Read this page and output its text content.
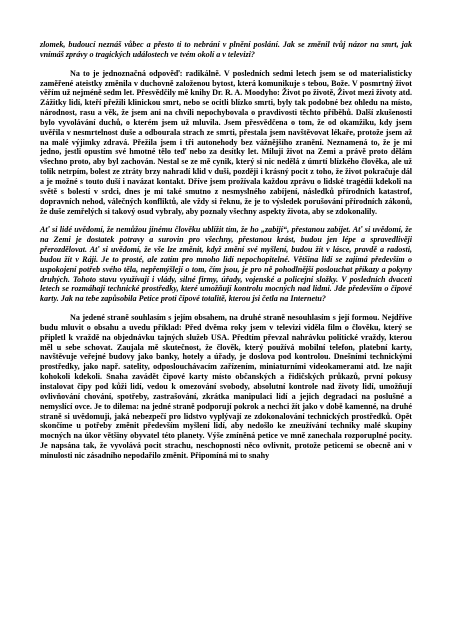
zlomek, budoucí neznáš vůbec a přesto ti to nebrání v plnění poslání. Jak se změnil tvůj názor na smrt, jak vnímáš zprávy o tragických událostech ve tvém okolí a v televizi?

Na to je jednoznačná odpověď: radikálně. V posledních sedmi letech jsem se od materialisticky zaměřené ateistky změnila v duchovně založenou bytost, která komunikuje s tebou, Bože. V posmrtný život věřím už nejméně sedm let. Přesvědčily mě knihy Dr. R. A. Moodyho: Život po životě, Život mezi životy atd. Zážitky lidí, kteří přežili klinickou smrt, nebo se ocitli blízko smrti, byly tak podobné bez ohledu na místo, národnost, rasu a věk, že jsem ani na chvíli nepochybovala o pravdivosti těchto příběhů. Další zkušenosti bylo vyvolávání duchů, o kterém jsem už mluvila. Jsem přesvědčena o tom, že od okamžiku, kdy jsem uvěřila v nesmrtelnost duše a odbourala strach ze smrti, přestala jsem navštěvovat lékaře, protože jsem až na malé výjimky zdravá. Přežila jsem i tři autonehody bez vážnějšího zranění. Neznamená to, že je mi jedno, jestli opustím své hmotné tělo teď nebo za desítky let. Miluji život na Zemi a právě proto dělám všechno proto, aby byl zachován. Nestal se ze mě cynik, který si nic nedělá z úmrtí blízkého člověka, ale už tolik netrpím, bolest ze ztráty brzy nahradí klid v duši, později i krásný pocit z toho, že život pokračuje dál a je možné s touto duší i navázat kontakt. Dříve jsem prožívala každou zprávu o lidské tragédii kdekoli na světě s bolestí v srdci, dnes je mi také smutno z nesmyslného zabíjení, následků přírodních katastrof, dopravních nehod, válečných konfliktů, ale vždy si řeknu, že je to výsledek porušování přírodních zákonů, že duše zemřelých si takový osud vybraly, aby poznaly všechny aspekty života, aby se zdokonalily.

Ať si lidé uvědomí, že nemůžou jinému člověku ublížit tím, že ho „zabijí“, přestanou zabíjet. Ať si uvědomí, že na Zemi je dostatek potravy a surovin pro všechny, přestanou krást, budou jen lépe a spravedlivěji přerozdělovat. Ať si uvědomí, že vše lze změnit, když změní své myšlení, budou žít v lásce, pravdě a radosti, budou žít v Ráji. Je to prosté, ale zatím pro mnoho lidí nepochopitelné. Většina lidí se zajímá především o uspokojení potřeb svého těla, nepřemýšlejí o tom, čím jsou, je pro ně pohodlnější poslouchat příkazy a pokyny druhých. Tohoto stavu využívají i vlády, silné firmy, úřady, vojenské a policejní složky. V posledních dvaceti letech se rozmáhají technické prostředky, které umožňují kontrolu mocných nad lidmi. Jde především o čipové karty. Jak na tebe zapůsobila Petice proti čipové totalitě, kterou jsi četla na Internetu?

Na jedené straně souhlasím s jejím obsahem, na druhé straně nesouhlasím s její formou. Nejdříve budu mluvit o obsahu a uvedu příklad: Před dvěma roky jsem v televizi viděla film o člověku, který se připletl k vraždě na objednávku tajných služeb USA. Předtím převzal nahrávku politické vraždy, kterou měl u sebe schovat. Zaujala mě skutečnost, že člověk, který používá mobilní telefon, platební karty, navštěvuje veřejné budovy jako banky, hotely a úřady, je doslova pod kontrolou. Dnešními technickými prostředky, jako např. satelity, odposlouchávacím zařízením, miniaturními videokamerami atd. lze najít kohokoli kdekoli. Snaha zavádět čipové karty místo občanských a řidičských průkazů, první pokusy instalovat čipy pod kůži lidí, vedou k omezování svobody, absolutní kontrole nad životy lidí, umožňují ovlivňování chování, spotřeby, zastrašování, zkrátka manipulaci lidí a jejich degradaci na poslušné a nemyslící ovce. Je to dilema: na jedné straně podporují pokrok a nechci žít jako v době kamenné, na druhé straně si uvědomuji, jaká nebezpečí pro lidstvo vyplývají ze zdokonalování technických prostředků. Opět skončíme u potřeby změnit především myšlení lidí, aby nedošlo ke zneužívání techniky malé skupiny mocných na úkor většiny obyvatel této planety. Výše zmíněná petice ve mně zanechala rozporuplné pocity. Je napsána tak, že vyvolává pocit strachu, neschopnosti něco ovlivnit, protože peticemi se obecně ani v minulosti nic zásadního nepodařilo změnit. Připomíná mi to snahy
